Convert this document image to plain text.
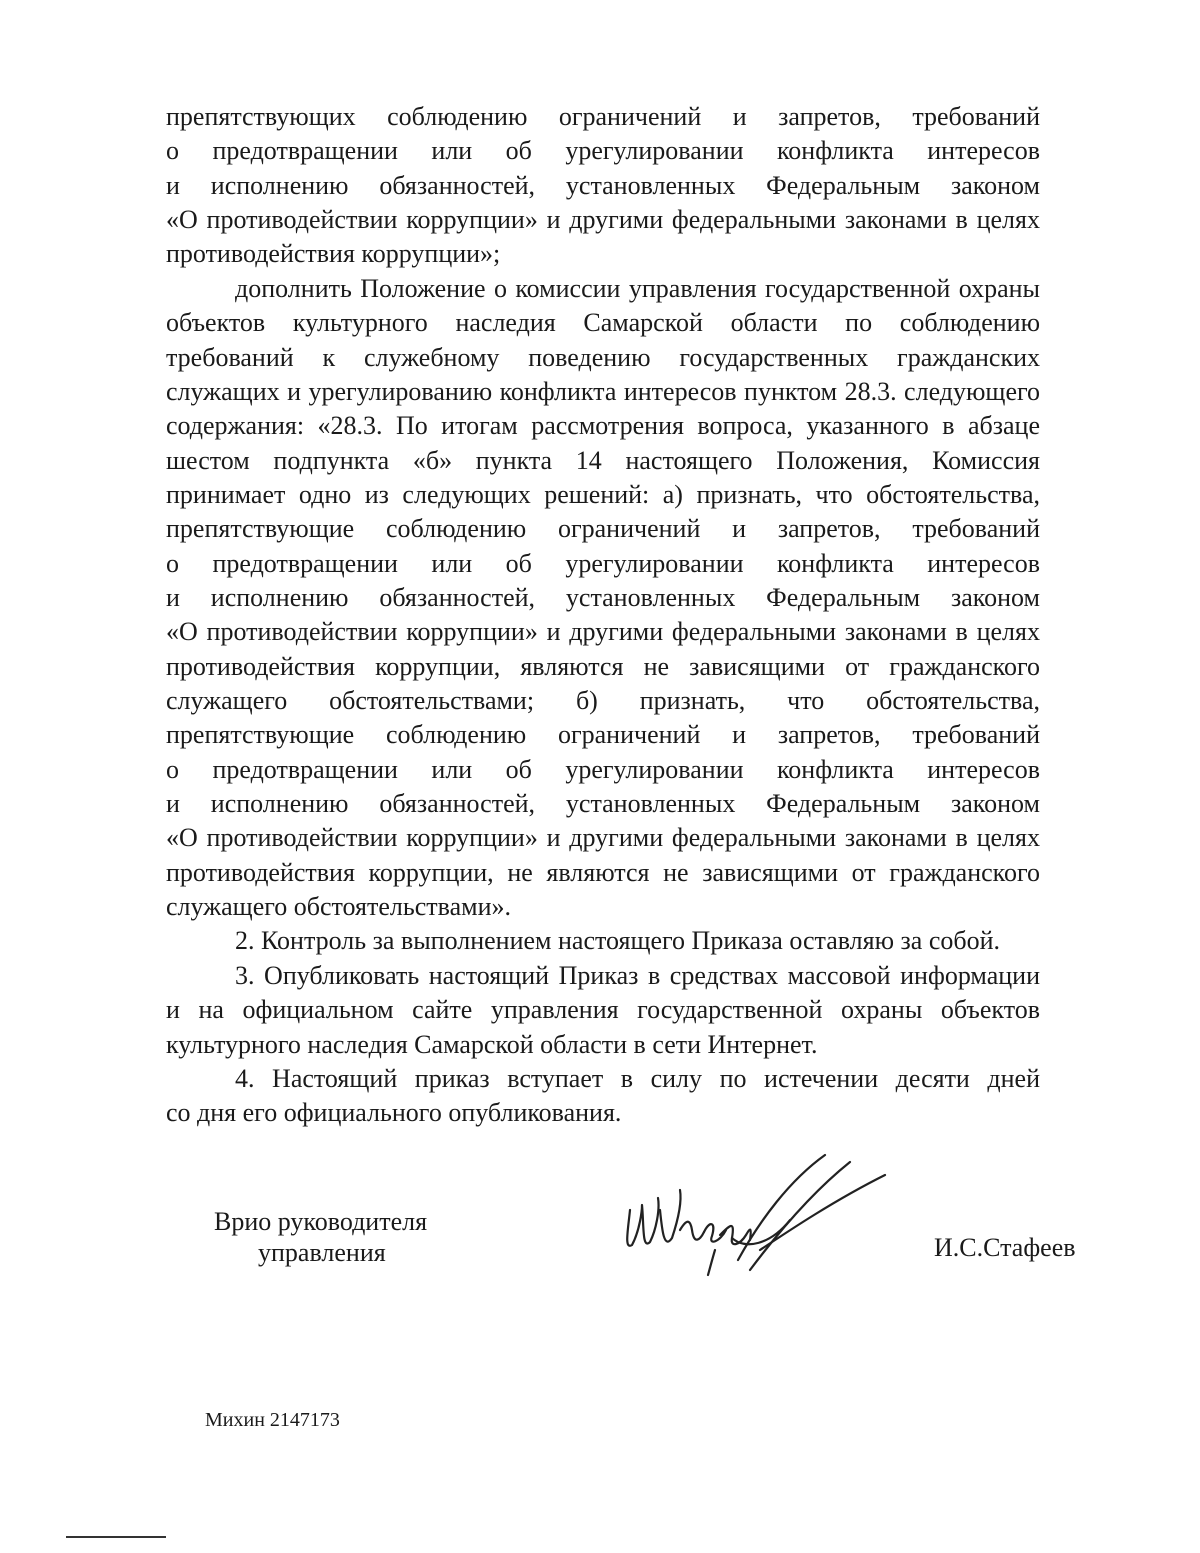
препятствующих соблюдению ограничений и запретов, требований
о предотвращении или об урегулировании конфликта интересов
и исполнению обязанностей, установленных Федеральным законом
«О противодействии коррупции» и другими федеральными законами в целях
противодействия коррупции»;
дополнить Положение о комиссии управления государственной охраны
объектов культурного наследия Самарской области по соблюдению
требований к служебному поведению государственных гражданских
служащих и урегулированию конфликта интересов пунктом 28.3. следующего
содержания: «28.3. По итогам рассмотрения вопроса, указанного в абзаце
шестом подпункта «б» пункта 14 настоящего Положения, Комиссия
принимает одно из следующих решений: а) признать, что обстоятельства,
препятствующие соблюдению ограничений и запретов, требований
о предотвращении или об урегулировании конфликта интересов
и исполнению обязанностей, установленных Федеральным законом
«О противодействии коррупции» и другими федеральными законами в целях
противодействия коррупции, являются не зависящими от гражданского
служащего обстоятельствами; б) признать, что обстоятельства,
препятствующие соблюдению ограничений и запретов, требований
о предотвращении или об урегулировании конфликта интересов
и исполнению обязанностей, установленных Федеральным законом
«О противодействии коррупции» и другими федеральными законами в целях
противодействия коррупции, не являются не зависящими от гражданского
служащего обстоятельствами».
2. Контроль за выполнением настоящего Приказа оставляю за собой.
3. Опубликовать настоящий Приказ в средствах массовой информации
и на официальном сайте управления государственной охраны объектов
культурного наследия Самарской области в сети Интернет.
4. Настоящий приказ вступает в силу по истечении десяти дней
со дня его официального опубликования.
Врио руководителя
управления	И.С.Стафеев
Михин 2147173
